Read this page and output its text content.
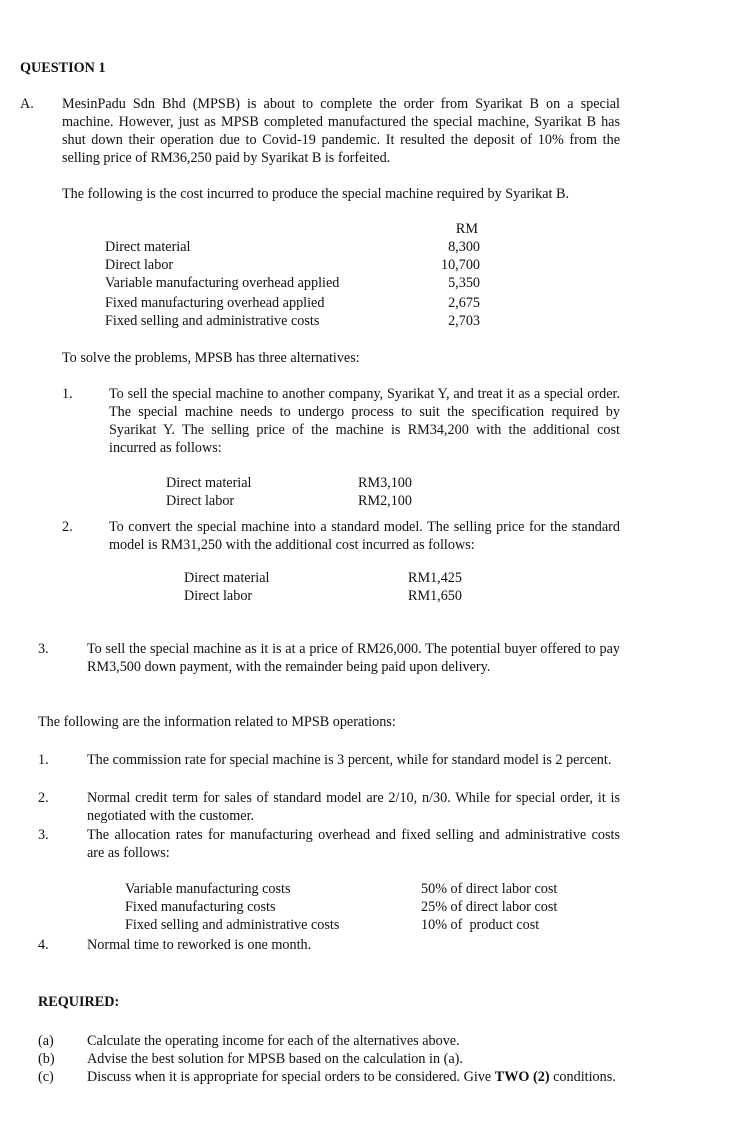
QUESTION 1
A. MesinPadu Sdn Bhd (MPSB) is about to complete the order from Syarikat B on a special machine. However, just as MPSB completed manufactured the special machine, Syarikat B has shut down their operation due to Covid-19 pandemic. It resulted the deposit of 10% from the selling price of RM36,250 paid by Syarikat B is forfeited.
The following is the cost incurred to produce the special machine required by Syarikat B.
RM
Direct material	8,300
Direct labor	10,700
Variable manufacturing overhead applied	5,350
Fixed manufacturing overhead applied	2,675
Fixed selling and administrative costs	2,703
To solve the problems, MPSB has three alternatives:
1.	To sell the special machine to another company, Syarikat Y, and treat it as a special order. The special machine needs to undergo process to suit the specification required by Syarikat Y. The selling price of the machine is RM34,200 with the additional cost incurred as follows:
Direct material	RM3,100
Direct labor	RM2,100
2.	To convert the special machine into a standard model. The selling price for the standard model is RM31,250 with the additional cost incurred as follows:
Direct material	RM1,425
Direct labor	RM1,650
3.	To sell the special machine as it is at a price of RM26,000. The potential buyer offered to pay RM3,500 down payment, with the remainder being paid upon delivery.
The following are the information related to MPSB operations:
1.	The commission rate for special machine is 3 percent, while for standard model is 2 percent.
2.	Normal credit term for sales of standard model are 2/10, n/30. While for special order, it is negotiated with the customer.
3.	The allocation rates for manufacturing overhead and fixed selling and administrative costs are as follows:
Variable manufacturing costs	50% of direct labor cost
Fixed manufacturing costs	25% of direct labor cost
Fixed selling and administrative costs	10% of  product cost
4.	Normal time to reworked is one month.
REQUIRED:
(a) Calculate the operating income for each of the alternatives above.
(b) Advise the best solution for MPSB based on the calculation in (a).
(c) Discuss when it is appropriate for special orders to be considered. Give TWO (2) conditions.
